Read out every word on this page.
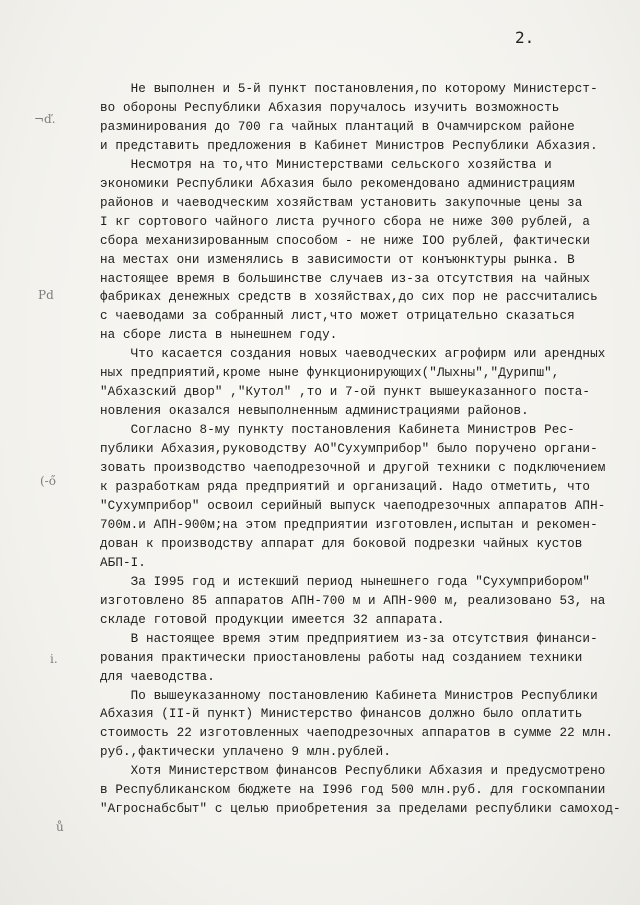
2.
¬ď.
Pd
(-ő
i.
ů
Не выполнен и 5-й пункт постановления,по которому Министерст-
во обороны Республики Абхазия поручалось изучить возможность
разминирования до 700 га чайных плантаций в Очамчирском районе
и представить предложения в Кабинет Министров Республики Абхазия.
Несмотря на то,что Министерствами сельского хозяйства и
экономики Республики Абхазия было рекомендовано администрациям
районов и чаеводческим хозяйствам установить закупочные цены за
I кг сортового чайного листа ручного сбора не ниже 300 рублей, а
сбора механизированным способом - не ниже IOO рублей, фактически
на местах они изменялись в зависимости от конъюнктуры рынка. В
настоящее время в большинстве случаев из-за отсутствия на чайных
фабриках денежных средств в хозяйствах,до сих пор не рассчитались
с чаеводами за собранный лист,что может отрицательно сказаться
на сборе листа в нынешнем году.
Что касается создания новых чаеводческих агрофирм или арендных
ных предприятий,кроме ныне функционирующих("Лыхны","Дурипш",
"Абхазский двор" ,"Кутол" ,то и 7-ой пункт вышеуказанного поста-
новления оказался невыполненным администрациями районов.
Согласно 8-му пункту постановления Кабинета Министров Рес-
публики Абхазия,руководству АО"Сухумприбор" было поручено органи-
зовать производство чаеподрезочной и другой техники с подключением
к разработкам ряда предприятий и организаций. Надо отметить, что
"Сухумприбор" освоил серийный выпуск чаеподрезочных аппаратов АПН-
700м.и АПН-900м;на этом предприятии изготовлен,испытан и рекомен-
дован к производству аппарат для боковой подрезки чайных кустов
АБП-I.
За I995 год и истекший период нынешнего года "Сухумприбором"
изготовлено 85 аппаратов АПН-700 м и АПН-900 м, реализовано 53, на
складе готовой продукции имеется 32 аппарата.
В настоящее время этим предприятием из-за отсутствия финанси-
рования практически приостановлены работы над созданием техники
для чаеводства.
По вышеуказанному постановлению Кабинета Министров Республики
Абхазия (II-й пункт) Министерство финансов должно было оплатить
стоимость 22 изготовленных чаеподрезочных аппаратов в сумме 22 млн.
руб.,фактически уплачено 9 млн.рублей.
Хотя Министерством финансов Республики Абхазия и предусмотрено
в Республиканском бюджете на I996 год 500 млн.руб. для госкомпании
"Агроснабсбыт" с целью приобретения за пределами республики самоход-
